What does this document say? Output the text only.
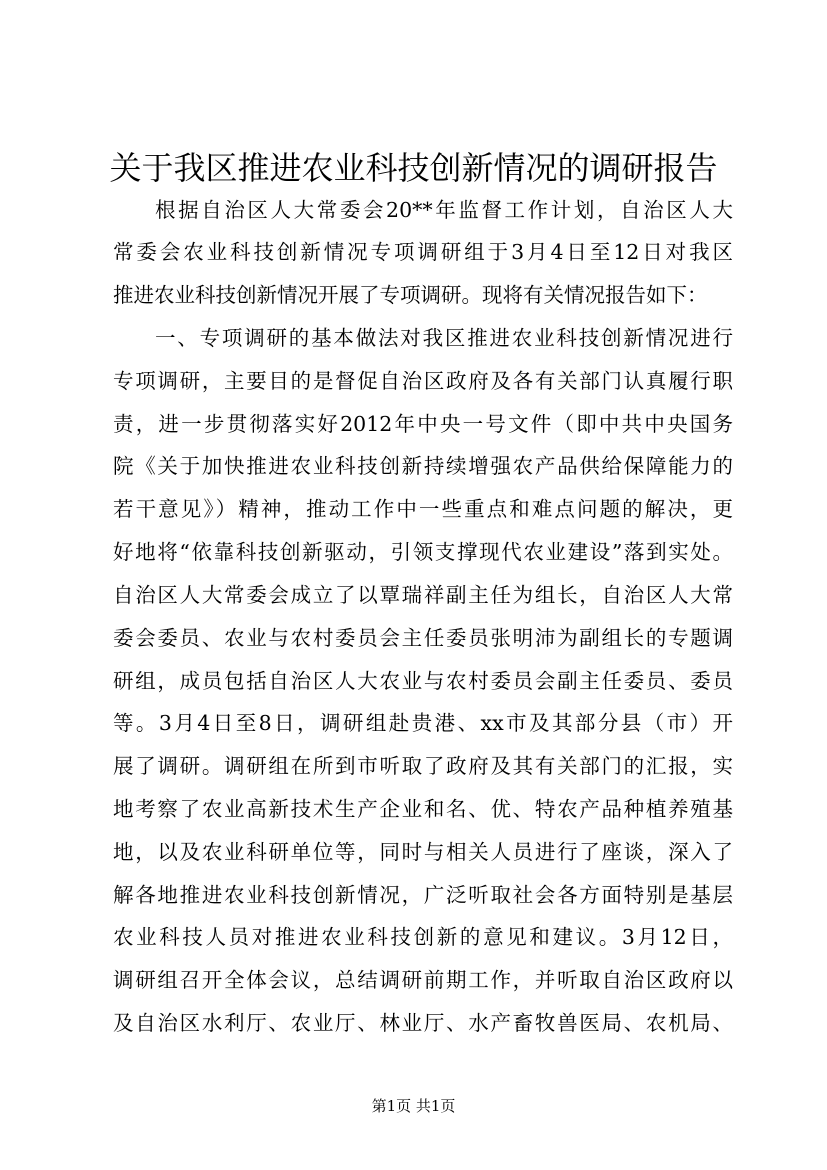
关于我区推进农业科技创新情况的调研报告
根据自治区人大常委会20**年监督工作计划，自治区人大
常委会农业科技创新情况专项调研组于3月4日至12日对我区
推进农业科技创新情况开展了专项调研。现将有关情况报告如下：
一、专项调研的基本做法对我区推进农业科技创新情况进行
专项调研，主要目的是督促自治区政府及各有关部门认真履行职
责，进一步贯彻落实好2012年中央一号文件（即中共中央国务
院《关于加快推进农业科技创新持续增强农产品供给保障能力的
若干意见》）精神，推动工作中一些重点和难点问题的解决，更
好地将“依靠科技创新驱动，引领支撑现代农业建设”落到实处。
自治区人大常委会成立了以覃瑞祥副主任为组长，自治区人大常
委会委员、农业与农村委员会主任委员张明沛为副组长的专题调
研组，成员包括自治区人大农业与农村委员会副主任委员、委员
等。3月4日至8日，调研组赴贵港、xx市及其部分县（市）开
展了调研。调研组在所到市听取了政府及其有关部门的汇报，实
地考察了农业高新技术生产企业和名、优、特农产品种植养殖基
地，以及农业科研单位等，同时与相关人员进行了座谈，深入了
解各地推进农业科技创新情况，广泛听取社会各方面特别是基层
农业科技人员对推进农业科技创新的意见和建议。3月12日，
调研组召开全体会议，总结调研前期工作，并听取自治区政府以
及自治区水利厅、农业厅、林业厅、水产畜牧兽医局、农机局、
第1页 共1页
